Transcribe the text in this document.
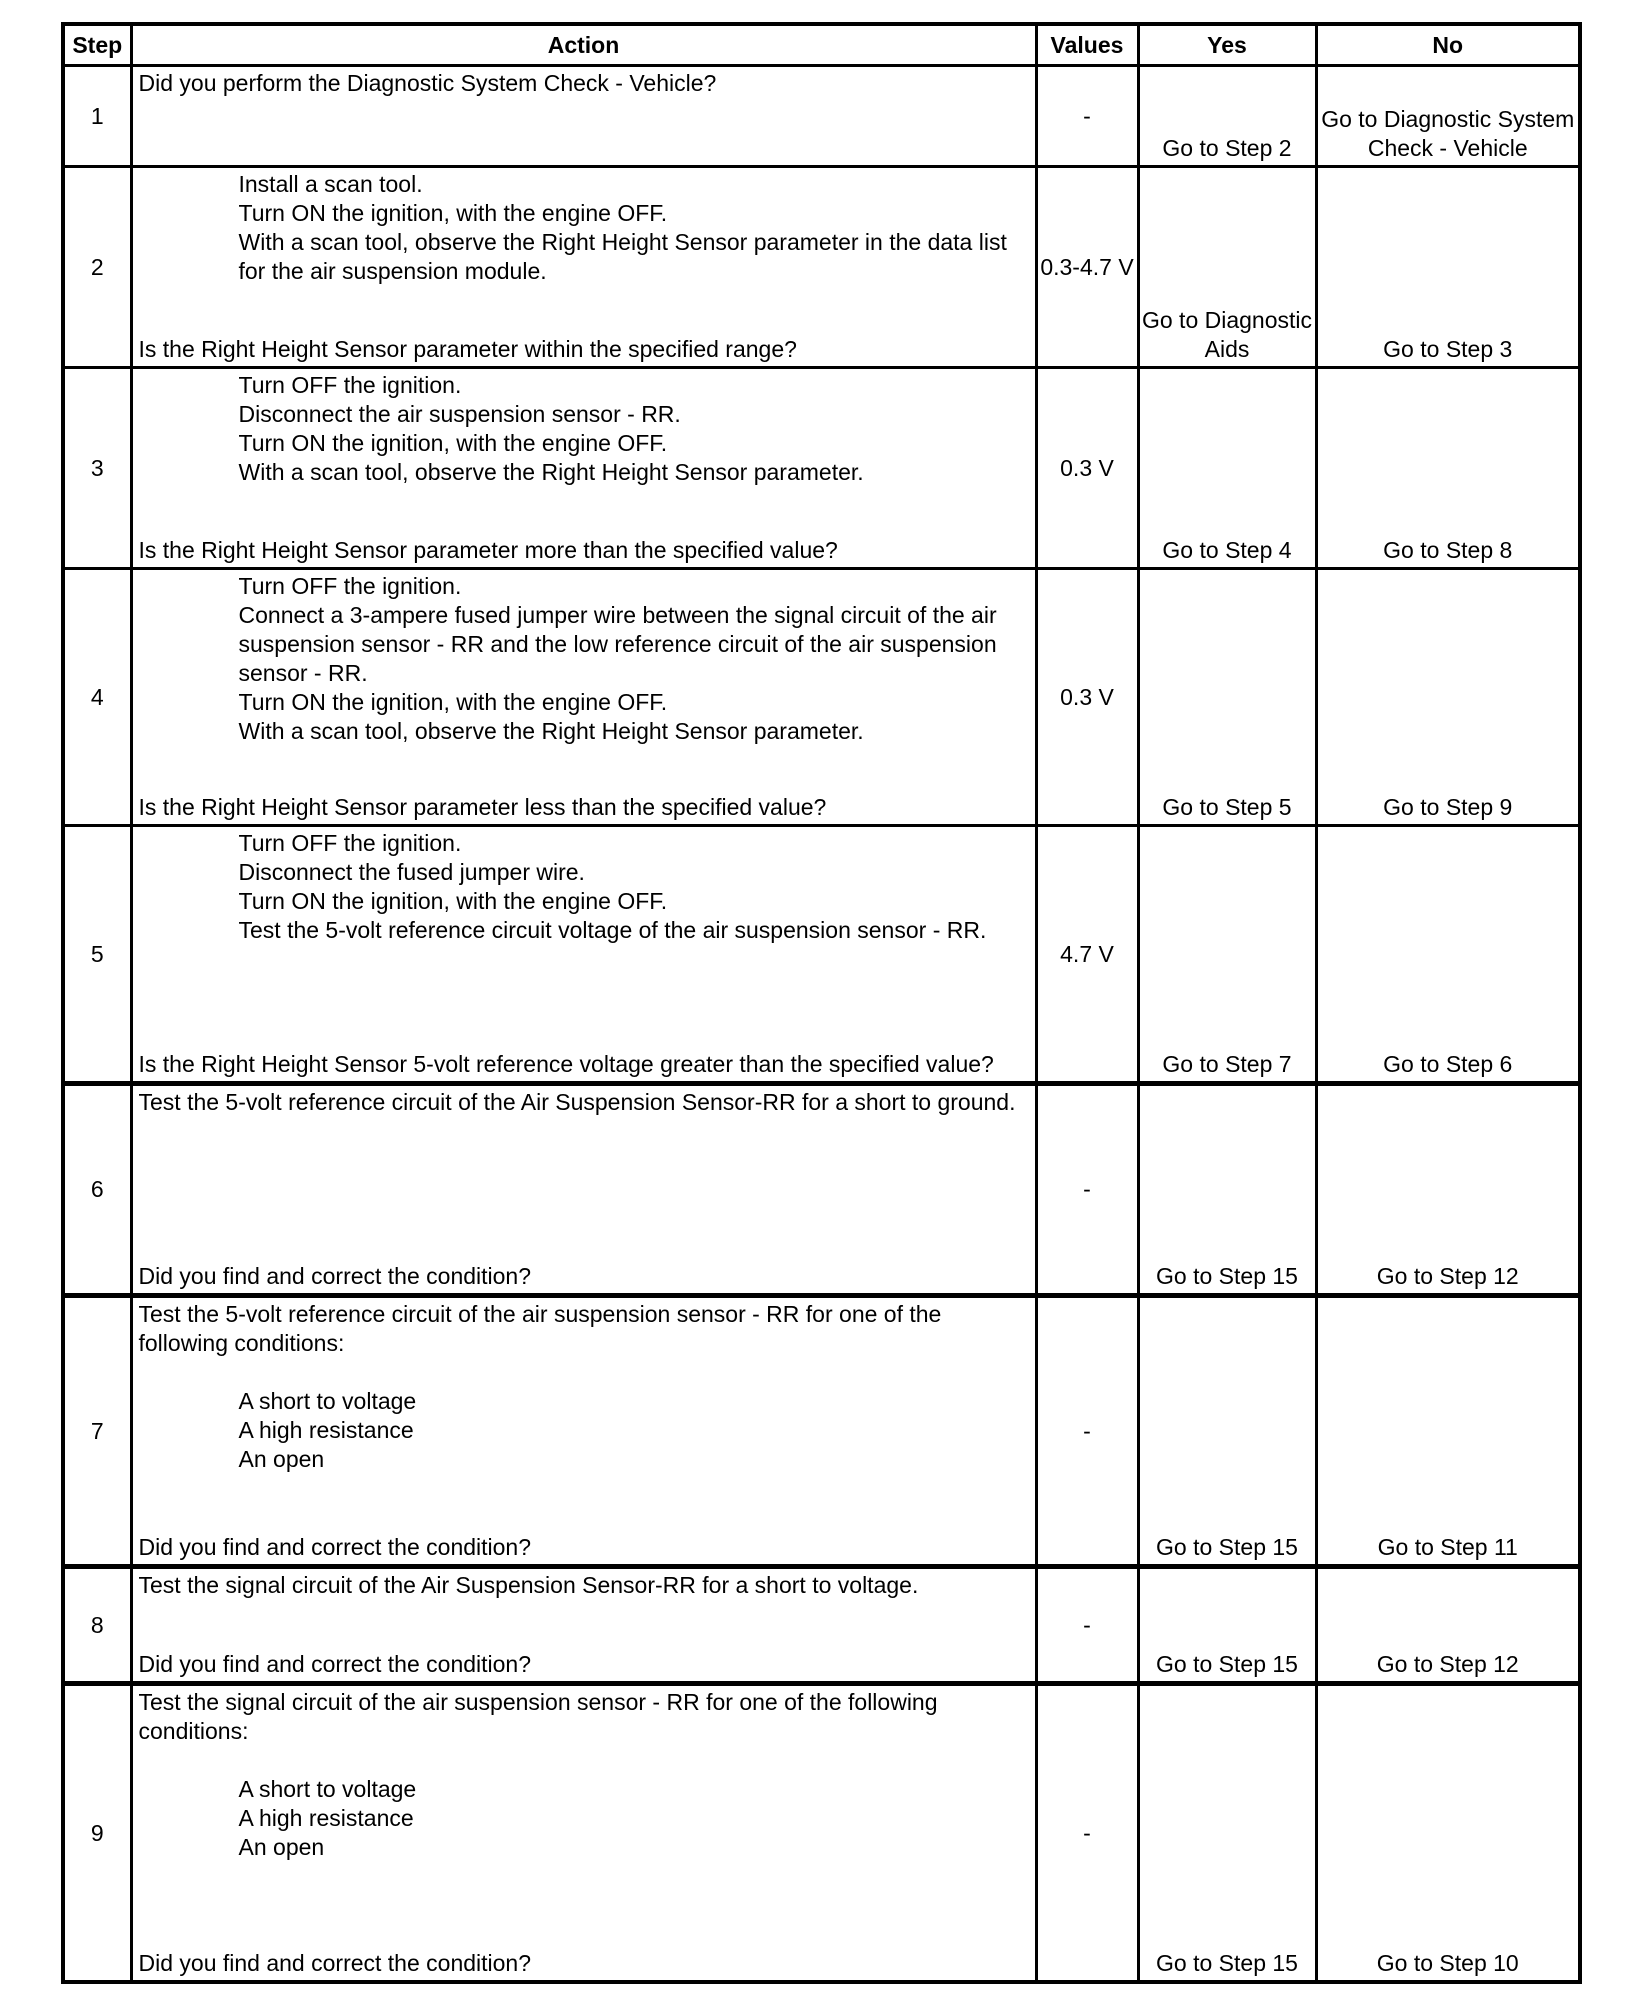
Step	Action	Values	Yes	No
1	Did you perform the Diagnostic System Check - Vehicle?	-	Go to Step 2	Go to Diagnostic System Check - Vehicle
2	Install a scan tool.
Turn ON the ignition, with the engine OFF.
With a scan tool, observe the Right Height Sensor parameter in the data list for the air suspension module.
Is the Right Height Sensor parameter within the specified range?	0.3-4.7 V	Go to Diagnostic Aids	Go to Step 3
3	Turn OFF the ignition.
Disconnect the air suspension sensor - RR.
Turn ON the ignition, with the engine OFF.
With a scan tool, observe the Right Height Sensor parameter.
Is the Right Height Sensor parameter more than the specified value?	0.3 V	Go to Step 4	Go to Step 8
4	Turn OFF the ignition.
Connect a 3-ampere fused jumper wire between the signal circuit of the air suspension sensor - RR and the low reference circuit of the air suspension sensor - RR.
Turn ON the ignition, with the engine OFF.
With a scan tool, observe the Right Height Sensor parameter.
Is the Right Height Sensor parameter less than the specified value?	0.3 V	Go to Step 5	Go to Step 9
5	Turn OFF the ignition.
Disconnect the fused jumper wire.
Turn ON the ignition, with the engine OFF.
Test the 5-volt reference circuit voltage of the air suspension sensor - RR.
Is the Right Height Sensor 5-volt reference voltage greater than the specified value?	4.7 V	Go to Step 7	Go to Step 6
6	Test the 5-volt reference circuit of the Air Suspension Sensor-RR for a short to ground.
Did you find and correct the condition?	-	Go to Step 15	Go to Step 12
7	Test the 5-volt reference circuit of the air suspension sensor - RR for one of the following conditions:
A short to voltage
A high resistance
An open
Did you find and correct the condition?	-	Go to Step 15	Go to Step 11
8	Test the signal circuit of the Air Suspension Sensor-RR for a short to voltage.
Did you find and correct the condition?	-	Go to Step 15	Go to Step 12
9	Test the signal circuit of the air suspension sensor - RR for one of the following conditions:
A short to voltage
A high resistance
An open
Did you find and correct the condition?	-	Go to Step 15	Go to Step 10
